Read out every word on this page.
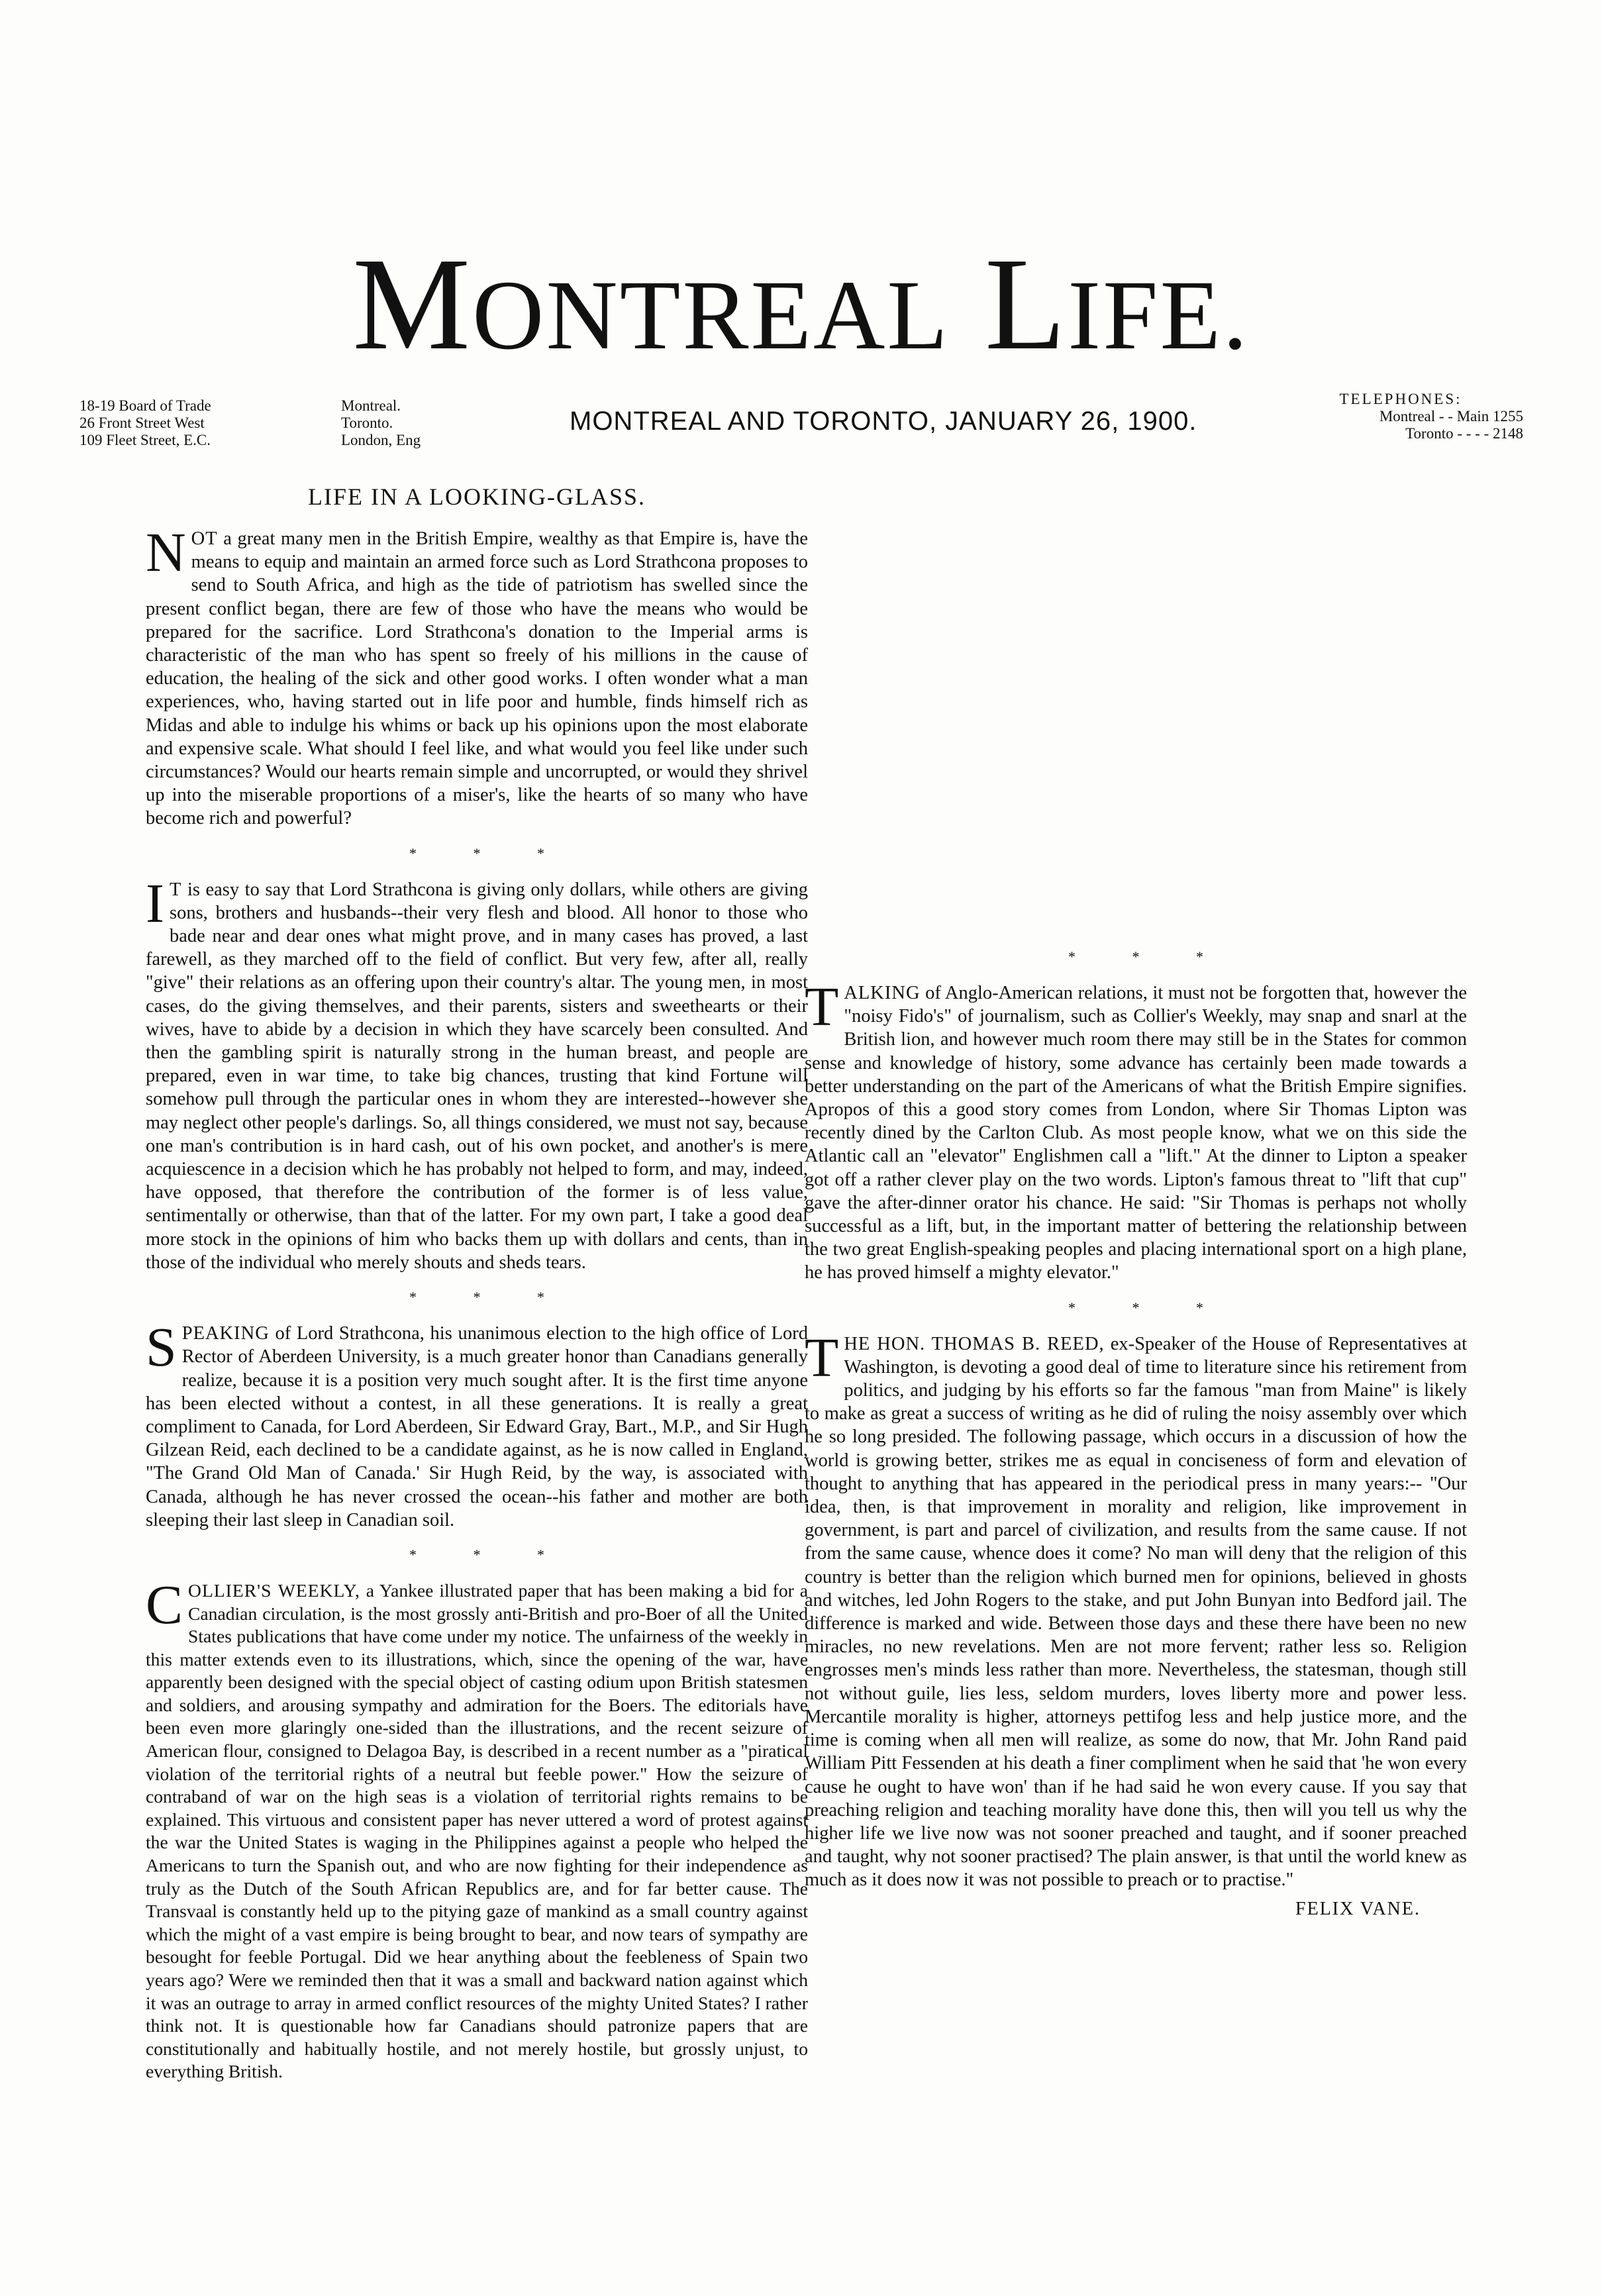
MONTREAL LIFE.
18-19 Board of Trade
26 Front Street West
109 Fleet Street, E.C.
Montreal.
Toronto.
London, Eng
MONTREAL AND TORONTO, JANUARY 26, 1900.
TELEPHONES:
Montreal - - Main 1255
Toronto - - - - 2148
LIFE IN A LOOKING-GLASS.

NOT a great many men in the British Empire, wealthy as that Empire is, have the means to equip and maintain an armed force such as Lord Strathcona proposes to send to South Africa, and high as the tide of patriotism has swelled since the present conflict began, there are few of those who have the means who would be prepared for the sacrifice. Lord Strathcona's donation to the Imperial arms is characteristic of the man who has spent so freely of his millions in the cause of education, the healing of the sick and other good works. I often wonder what a man experiences, who, having started out in life poor and humble, finds himself rich as Midas and able to indulge his whims or back up his opinions upon the most elaborate and expensive scale. What should I feel like, and what would you feel like under such circumstances? Would our hearts remain simple and uncorrupted, or would they shrivel up into the miserable proportions of a miser's, like the hearts of so many who have become rich and powerful?

* * *

I T is easy to say that Lord Strathcona is giving only dollars, while others are giving sons, brothers and husbands--their very flesh and blood. All honor to those who bade near and dear ones what might prove, and in many cases has proved, a last farewell, as they marched off to the field of conflict. But very few, after all, really "give" their relations as an offering upon their country's altar. The young men, in most cases, do the giving themselves, and their parents, sisters and sweethearts or their wives, have to abide by a decision in which they have scarcely been consulted. And then the gambling spirit is naturally strong in the human breast, and people are prepared, even in war time, to take big chances, trusting that kind Fortune will somehow pull through the particular ones in whom they are interested--however she may neglect other people's darlings. So, all things considered, we must not say, because one man's contribution is in hard cash, out of his own pocket, and another's is mere acquiescence in a decision which he has probably not helped to form, and may, indeed, have opposed, that therefore the contribution of the former is of less value, sentimentally or otherwise, than that of the latter. For my own part, I take a good deal more stock in the opinions of him who backs them up with dollars and cents, than in those of the individual who merely shouts and sheds tears.

* * *

SPEAKING of Lord Strathcona, his unanimous election to the high office of Lord Rector of Aberdeen University, is a much greater honor than Canadians generally realize, because it is a position very much sought after. It is the first time anyone has been elected without a contest, in all these generations. It is really a great compliment to Canada, for Lord Aberdeen, Sir Edward Gray, Bart., M.P., and Sir Hugh Gilzean Reid, each declined to be a candidate against, as he is now called in England, "The Grand Old Man of Canada.' Sir Hugh Reid, by the way, is associated with Canada, although he has never crossed the ocean--his father and mother are both sleeping their last sleep in Canadian soil.

* * *

COLLIER'S WEEKLY, a Yankee illustrated paper that has been making a bid for a Canadian circulation, is the most grossly anti-British and pro-Boer of all the United States publications that have come under my notice. The unfairness of the weekly in this matter extends even to its illustrations, which, since the opening of the war, have apparently been designed with the special object of casting odium upon British statesmen and soldiers, and arousing sympathy and admiration for the Boers. The editorials have been even more glaringly one-sided than the illustrations, and the recent seizure of American flour, consigned to Delagoa Bay, is described in a recent number as a "piratical violation of the territorial rights of a neutral but feeble power." How the seizure of contraband of war on the high seas is a violation of territorial rights remains to be explained. This virtuous and consistent paper has never uttered a word of protest against the war the United States is waging in the Philippines against a people who helped the Americans to turn the Spanish out, and who are now fighting for their independence as truly as the Dutch of the South African Republics are, and for far better cause. The Transvaal is constantly held up to the pitying gaze of mankind as a small country against which the might of a vast empire is being brought to bear, and now tears of sympathy are besought for feeble Portugal. Did we hear anything about the feebleness of Spain two years ago? Were we reminded then that it was a small and backward nation against which it was an outrage to array in armed conflict resources of the mighty United States? I rather think not. It is questionable how far Canadians should patronize papers that are constitutionally and habitually hostile, and not merely hostile, but grossly unjust, to everything British.

* * *

TALKING of Anglo-American relations, it must not be forgotten that, however the "noisy Fido's" of journalism, such as Collier's Weekly, may snap and snarl at the British lion, and however much room there may still be in the States for common sense and knowledge of history, some advance has certainly been made towards a better understanding on the part of the Americans of what the British Empire signifies. Apropos of this a good story comes from London, where Sir Thomas Lipton was recently dined by the Carlton Club. As most people know, what we on this side the Atlantic call an "elevator" Englishmen call a "lift." At the dinner to Lipton a speaker got off a rather clever play on the two words. Lipton's famous threat to "lift that cup" gave the after-dinner orator his chance. He said: "Sir Thomas is perhaps not wholly successful as a lift, but, in the important matter of bettering the relationship between the two great English-speaking peoples and placing international sport on a high plane, he has proved himself a mighty elevator."

* * *

THE HON. THOMAS B. REED, ex-Speaker of the House of Representatives at Washington, is devoting a good deal of time to literature since his retirement from politics, and judging by his efforts so far the famous "man from Maine" is likely to make as great a success of writing as he did of ruling the noisy assembly over which he so long presided. The following passage, which occurs in a discussion of how the world is growing better, strikes me as equal in conciseness of form and elevation of thought to anything that has appeared in the periodical press in many years:-- "Our idea, then, is that improvement in morality and religion, like improvement in government, is part and parcel of civilization, and results from the same cause. If not from the same cause, whence does it come? No man will deny that the religion of this country is better than the religion which burned men for opinions, believed in ghosts and witches, led John Rogers to the stake, and put John Bunyan into Bedford jail. The difference is marked and wide. Between those days and these there have been no new miracles, no new revelations. Men are not more fervent; rather less so. Religion engrosses men's minds less rather than more. Nevertheless, the statesman, though still not without guile, lies less, seldom murders, loves liberty more and power less. Mercantile morality is higher, attorneys pettifog less and help justice more, and the time is coming when all men will realize, as some do now, that Mr. John Rand paid William Pitt Fessenden at his death a finer compliment when he said that 'he won every cause he ought to have won' than if he had said he won every cause. If you say that preaching religion and teaching morality have done this, then will you tell us why the higher life we live now was not sooner preached and taught, and if sooner preached and taught, why not sooner practised? The plain answer, is that until the world knew as much as it does now it was not possible to preach or to practise."

FELIX VANE.
